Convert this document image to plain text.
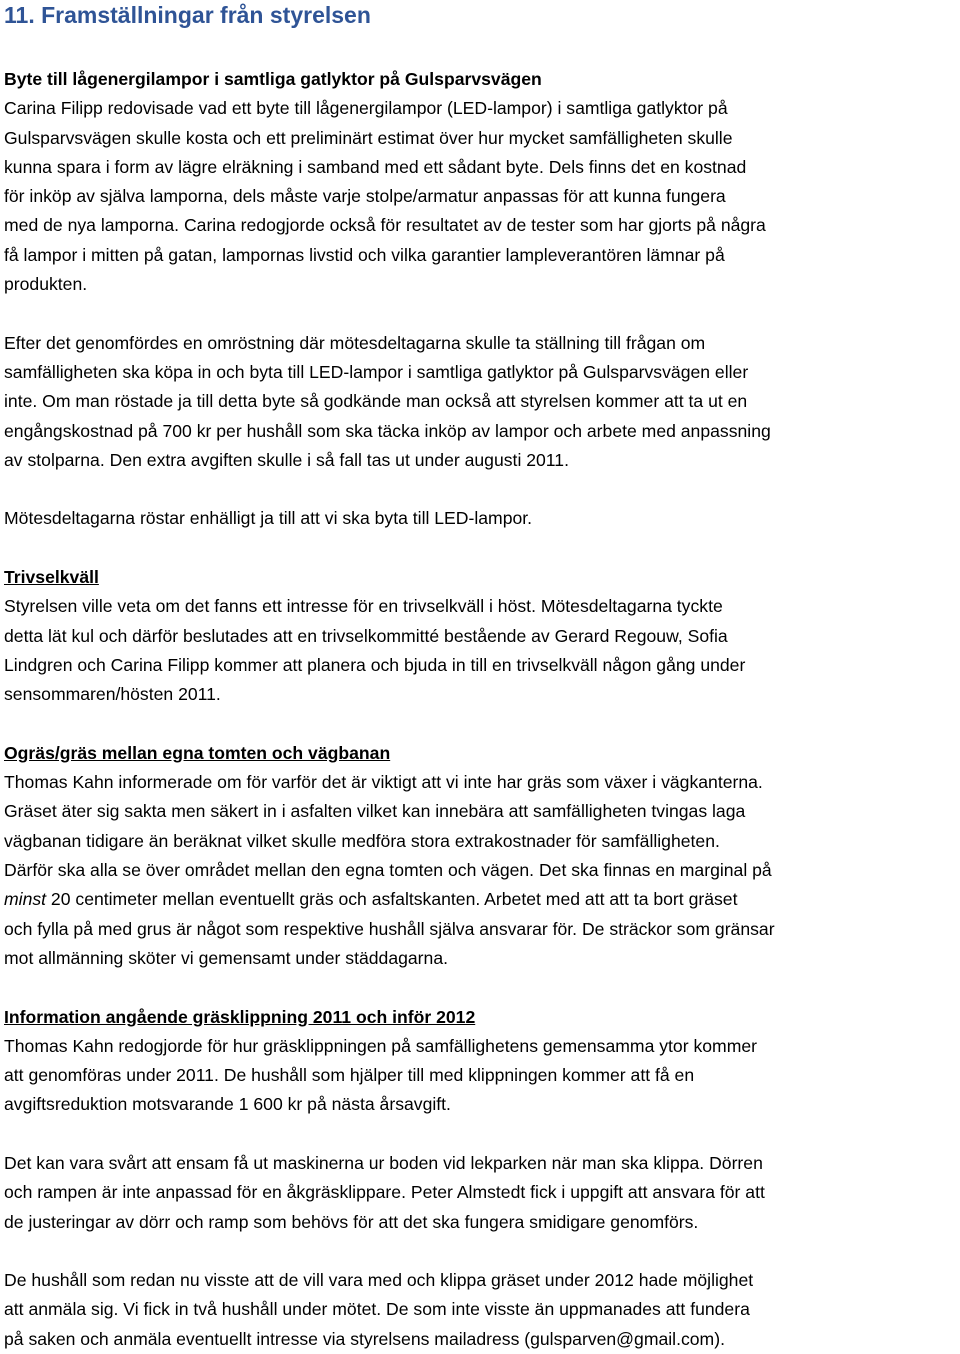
11. Framställningar från styrelsen
Byte till lågenergilampor i samtliga gatlyktor på Gulsparvsvägen

Carina Filipp redovisade vad ett byte till lågenergilampor (LED-lampor) i samtliga gatlyktor på
Gulsparvsvägen skulle kosta och ett preliminärt estimat över hur mycket samfälligheten skulle
kunna spara i form av lägre elräkning i samband med ett sådant byte. Dels finns det en kostnad
för inköp av själva lamporna, dels måste varje stolpe/armatur anpassas för att kunna fungera
med de nya lamporna. Carina redogjorde också för resultatet av de tester som har gjorts på några
få lampor i mitten på gatan, lampornas livstid och vilka garantier lampleverantören lämnar på
produkten.

Efter det genomfördes en omröstning där mötesdeltagarna skulle ta ställning till frågan om
samfälligheten ska köpa in och byta till LED-lampor i samtliga gatlyktor på Gulsparvsvägen eller
inte. Om man röstade ja till detta byte så godkände man också att styrelsen kommer att ta ut en
engångskostnad på 700 kr per hushåll som ska täcka inköp av lampor och arbete med anpassning
av stolparna. Den extra avgiften skulle i så fall tas ut under augusti 2011.

Mötesdeltagarna röstar enhälligt ja till att vi ska byta till LED-lampor.

Trivselkväll

Styrelsen ville veta om det fanns ett intresse för en trivselkväll i höst. Mötesdeltagarna tyckte
detta lät kul och därför beslutades att en trivselkommitté bestående av Gerard Regouw, Sofia
Lindgren och Carina Filipp kommer att planera och bjuda in till en trivselkväll någon gång under
sensommaren/hösten 2011.

Ogräs/gräs mellan egna tomten och vägbanan

Thomas Kahn informerade om för varför det är viktigt att vi inte har gräs som växer i vägkanterna.
Gräset äter sig sakta men säkert in i asfalten vilket kan innebära att samfälligheten tvingas laga
vägbanan tidigare än beräknat vilket skulle medföra stora extrakostnader för samfälligheten.
Därför ska alla se över området mellan den egna tomten och vägen. Det ska finnas en marginal på
minst 20 centimeter mellan eventuellt gräs och asfaltskanten. Arbetet med att att ta bort gräset
och fylla på med grus är något som respektive hushåll själva ansvarar för. De sträckor som gränsar
mot allmänning sköter vi gemensamt under städdagarna.

Information angående gräsklippning 2011 och inför 2012

Thomas Kahn redogjorde för hur gräsklippningen på samfällighetens gemensamma ytor kommer
att genomföras under 2011. De hushåll som hjälper till med klippningen kommer att få en
avgiftsreduktion motsvarande 1 600 kr på nästa årsavgift.

Det kan vara svårt att ensam få ut maskinerna ur boden vid lekparken när man ska klippa. Dörren
och rampen är inte anpassad för en åkgräsklippare. Peter Almstedt fick i uppgift att ansvara för att
de justeringar av dörr och ramp som behövs för att det ska fungera smidigare genomförs.

De hushåll som redan nu visste att de vill vara med och klippa gräset under 2012 hade möjlighet
att anmäla sig. Vi fick in två hushåll under mötet. De som inte visste än uppmanades att fundera
på saken och anmäla eventuellt intresse via styrelsens mailadress (gulsparven@gmail.com).
